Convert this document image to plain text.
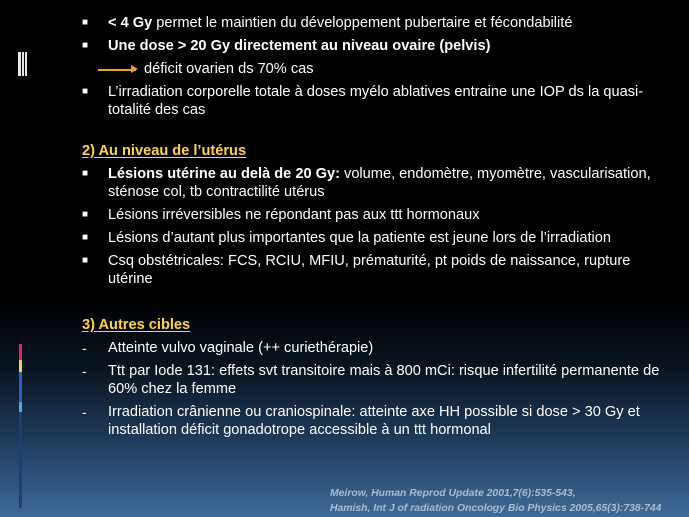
■	< 4 Gy permet le maintien du développement pubertaire et fécondabilité
■	Une dose > 20 Gy directement au niveau ovaire (pelvis)
déficit ovarien ds 70% cas
■	L’irradiation corporelle totale à doses myélo ablatives entraine une IOP ds la quasi-totalité des cas
2) Au niveau de l’utérus
■	Lésions utérine au delà de 20 Gy: volume, endomètre, myomètre, vascularisation, sténose col, tb contractilité utérus
■	Lésions irréversibles ne répondant pas aux ttt hormonaux
■	Lésions d’autant plus importantes que la patiente est jeune lors de l’irradiation
■	Csq obstétricales: FCS, RCIU, MFIU, prématurité, pt poids de naissance, rupture utérine
3) Autres cibles
-	Atteinte vulvo vaginale (++ curiethérapie)
-	Ttt par Iode 131: effets svt transitoire mais à 800 mCi: risque infertilité permanente de 60% chez la femme
-	Irradiation crânienne ou craniospinale: atteinte axe HH possible si dose > 30 Gy et installation déficit gonadotrope accessible à un ttt hormonal
Meirow, Human Reprod Update 2001,7(6):535-543,
Hamish, Int J of radiation Oncology Bio Physics 2005,65(3):738-744
